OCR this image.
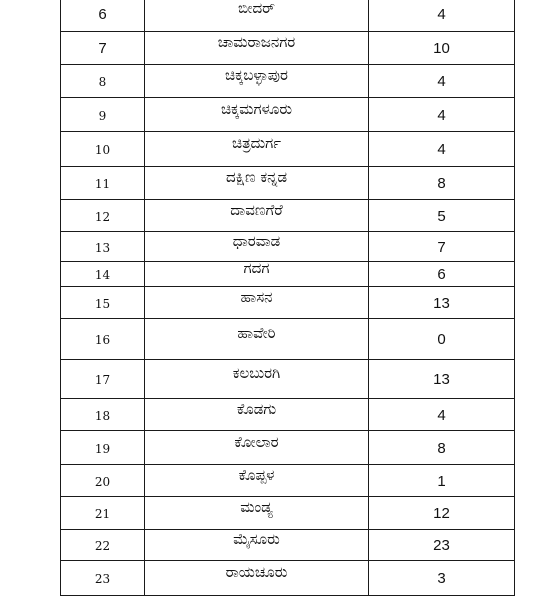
6	ಬೀದರ್	4
7	ಚಾಮರಾಜನಗರ	10
8	ಚಿಕ್ಕಬಳ್ಳಾಪುರ	4
9	ಚಿಕ್ಕಮಗಳೂರು	4
10	ಚಿತ್ರದುರ್ಗ	4
11	ದಕ್ಷಿಣ ಕನ್ನಡ	8
12	ದಾವಣಗೆರೆ	5
13	ಧಾರವಾಡ	7
14	ಗದಗ	6
15	ಹಾಸನ	13
16	ಹಾವೇರಿ	0
17	ಕಲಬುರಗಿ	13
18	ಕೊಡಗು	4
19	ಕೋಲಾರ	8
20	ಕೊಪ್ಪಳ	1
21	ಮಂಡ್ಯ	12
22	ಮೈಸೂರು	23
23	ರಾಯಚೂರು	3
